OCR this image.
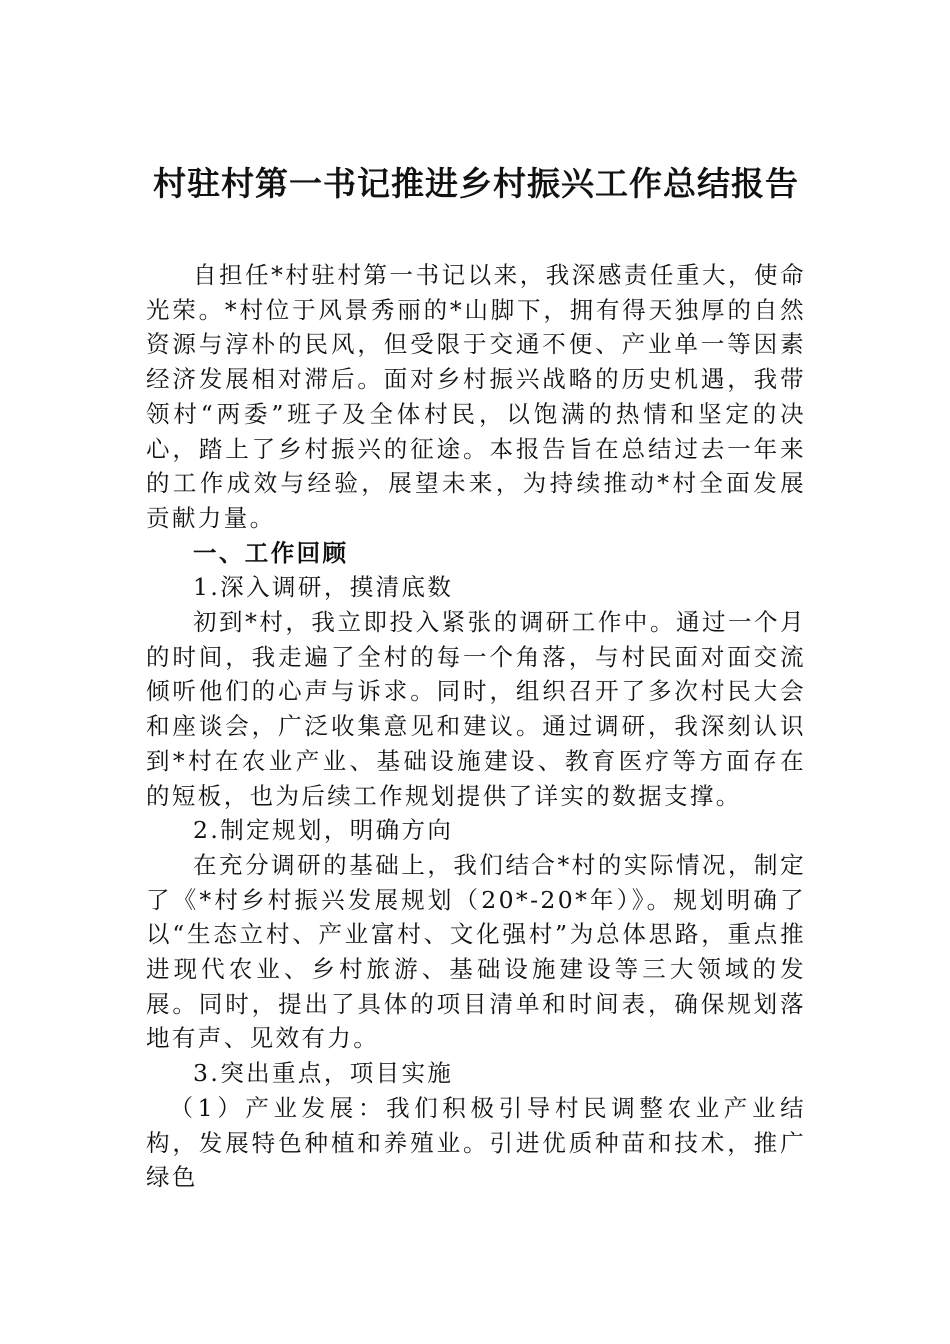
村驻村第一书记推进乡村振兴工作总结报告

自担任*村驻村第一书记以来，我深感责任重大，使命光荣。*村位于风景秀丽的*山脚下，拥有得天独厚的自然资源与淳朴的民风，但受限于交通不便、产业单一等因素经济发展相对滞后。面对乡村振兴战略的历史机遇，我带领村“两委”班子及全体村民，以饱满的热情和坚定的决心，踏上了乡村振兴的征途。本报告旨在总结过去一年来的工作成效与经验，展望未来，为持续推动*村全面发展贡献力量。

一、工作回顾

1.深入调研，摸清底数

初到*村，我立即投入紧张的调研工作中。通过一个月的时间，我走遍了全村的每一个角落，与村民面对面交流倾听他们的心声与诉求。同时，组织召开了多次村民大会和座谈会，广泛收集意见和建议。通过调研，我深刻认识到*村在农业产业、基础设施建设、教育医疗等方面存在的短板，也为后续工作规划提供了详实的数据支撑。

2.制定规划，明确方向

在充分调研的基础上，我们结合*村的实际情况，制定了《*村乡村振兴发展规划（20*-20*年）》。规划明确了以“生态立村、产业富村、文化强村”为总体思路，重点推进现代农业、乡村旅游、基础设施建设等三大领域的发展。同时，提出了具体的项目清单和时间表，确保规划落地有声、见效有力。

3.突出重点，项目实施

（1）产业发展：我们积极引导村民调整农业产业结构，发展特色种植和养殖业。引进优质种苗和技术，推广绿色
